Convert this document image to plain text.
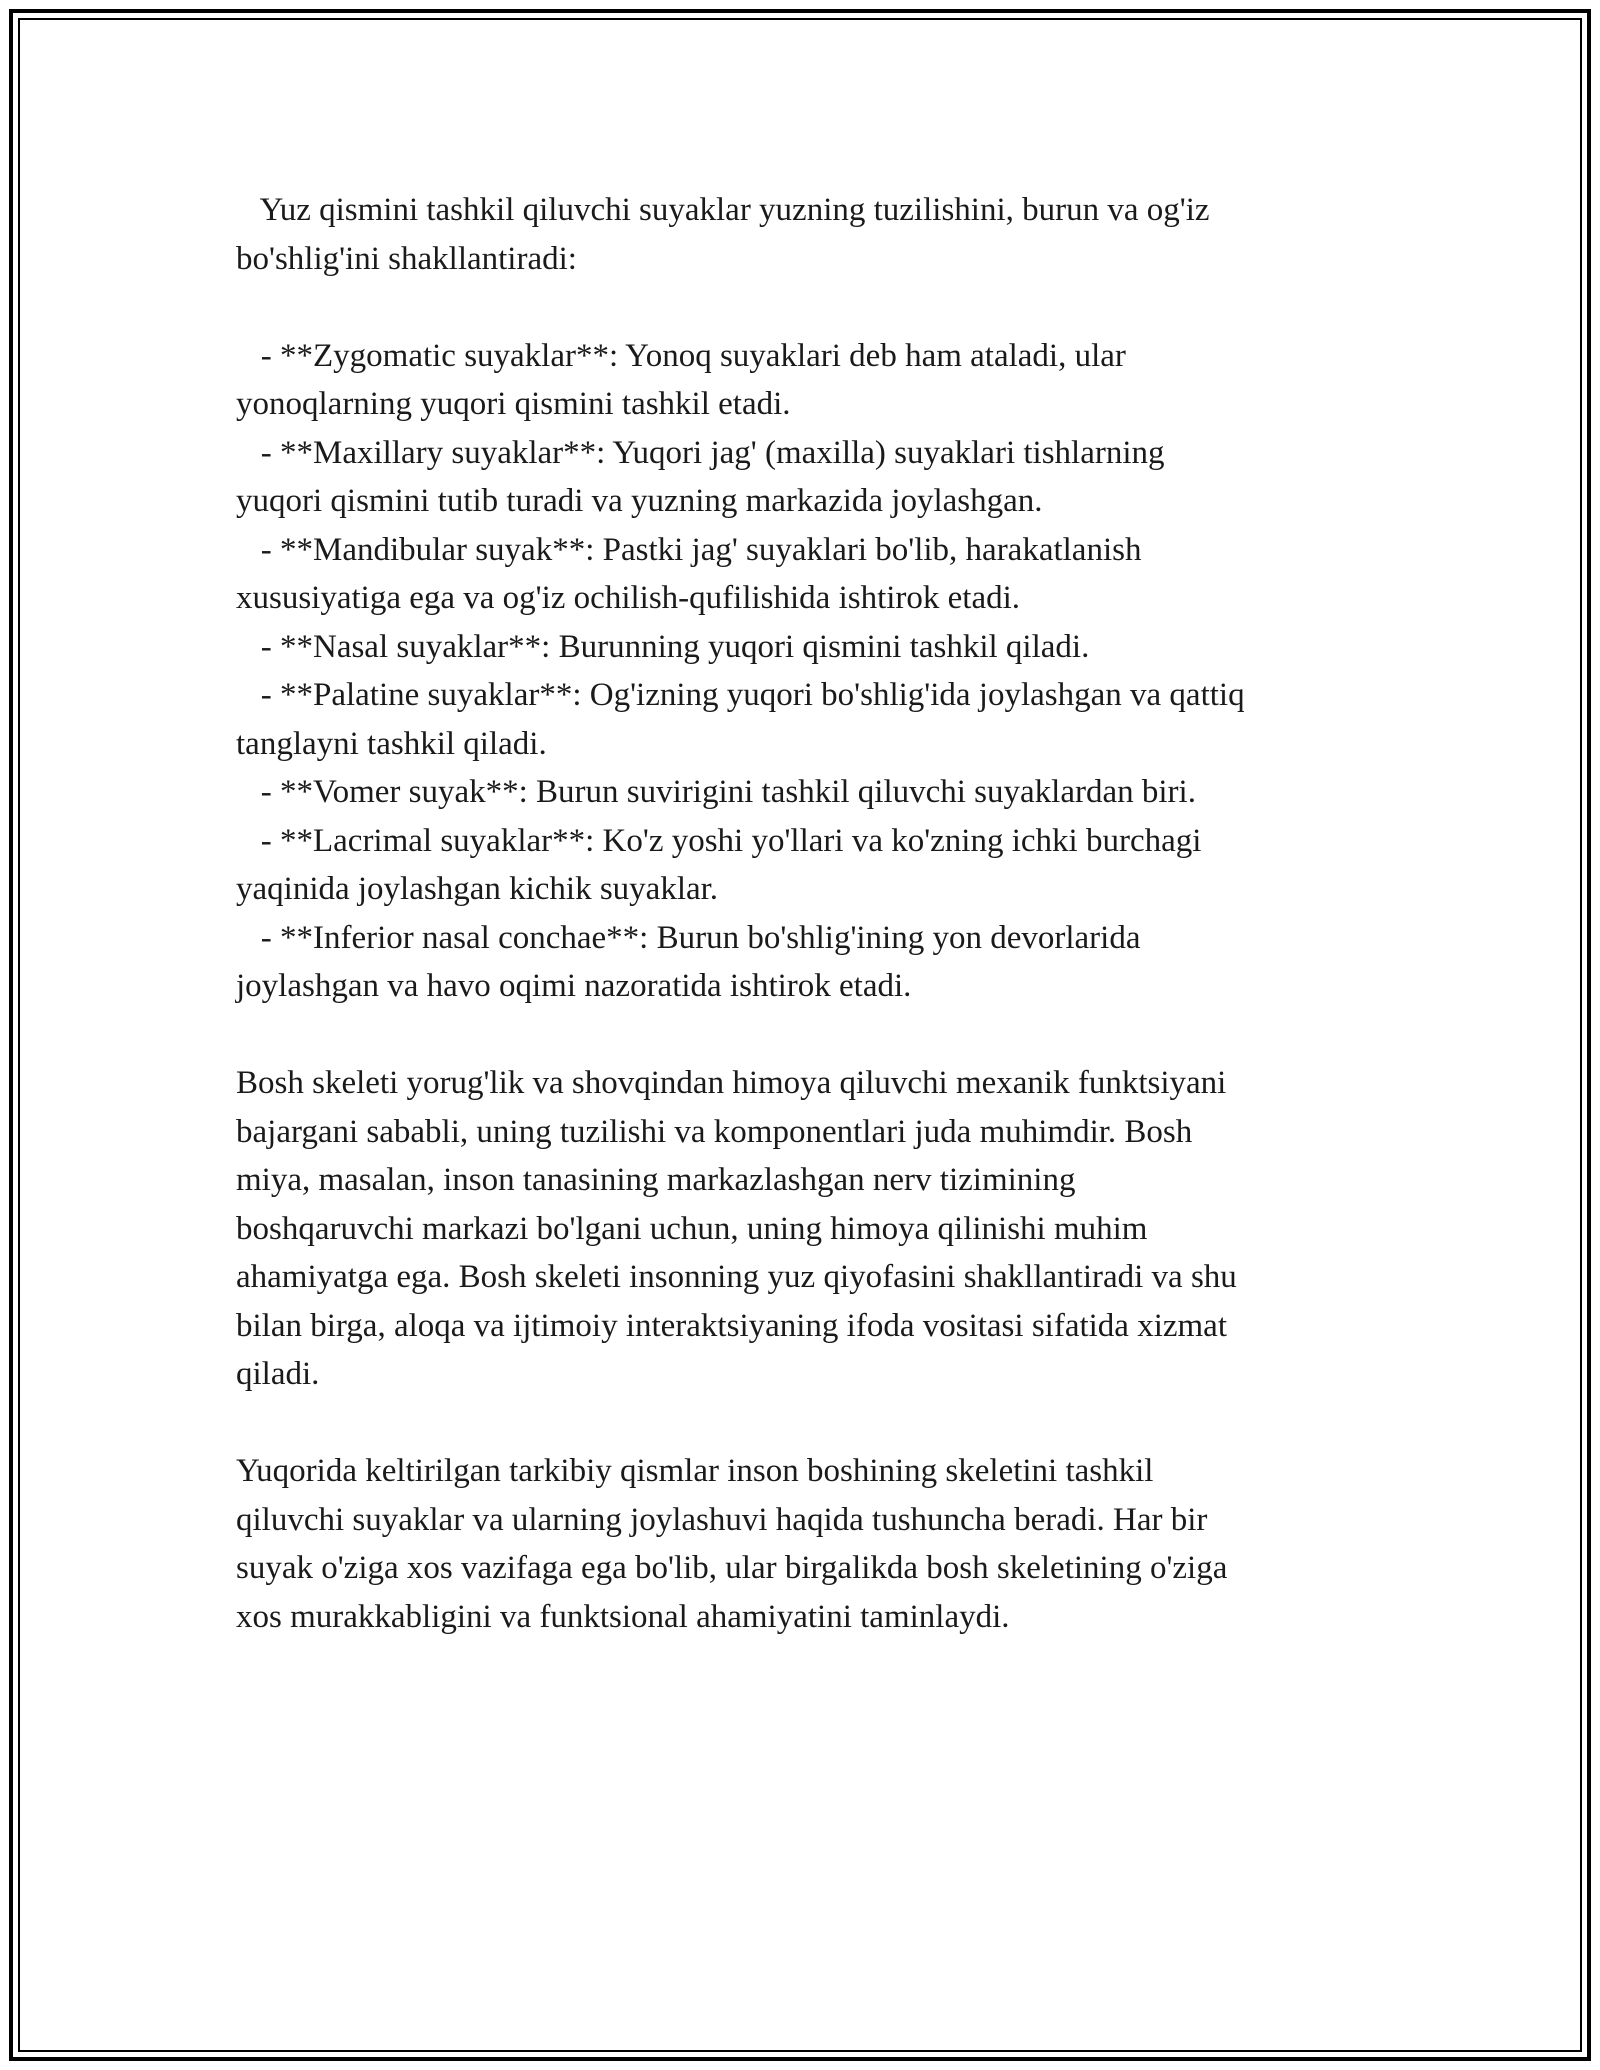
Yuz qismini tashkil qiluvchi suyaklar yuzning tuzilishini, burun va og'iz
bo'shlig'ini shakllantiradi:
- **Zygomatic suyaklar**: Yonoq suyaklari deb ham ataladi, ular
yonoqlarning yuqori qismini tashkil etadi.
- **Maxillary suyaklar**: Yuqori jag' (maxilla) suyaklari tishlarning
yuqori qismini tutib turadi va yuzning markazida joylashgan.
- **Mandibular suyak**: Pastki jag' suyaklari bo'lib, harakatlanish
xususiyatiga ega va og'iz ochilish-qufilishida ishtirok etadi.
- **Nasal suyaklar**: Burunning yuqori qismini tashkil qiladi.
- **Palatine suyaklar**: Og'izning yuqori bo'shlig'ida joylashgan va qattiq
tanglayni tashkil qiladi.
- **Vomer suyak**: Burun suvirigini tashkil qiluvchi suyaklardan biri.
- **Lacrimal suyaklar**: Ko'z yoshi yo'llari va ko'zning ichki burchagi
yaqinida joylashgan kichik suyaklar.
- **Inferior nasal conchae**: Burun bo'shlig'ining yon devorlarida
joylashgan va havo oqimi nazoratida ishtirok etadi.
Bosh skeleti yorug'lik va shovqindan himoya qiluvchi mexanik funktsiyani
bajargani sababli, uning tuzilishi va komponentlari juda muhimdir. Bosh
miya, masalan, inson tanasining markazlashgan nerv tizimining
boshqaruvchi markazi bo'lgani uchun, uning himoya qilinishi muhim
ahamiyatga ega. Bosh skeleti insonning yuz qiyofasini shakllantiradi va shu
bilan birga, aloqa va ijtimoiy interaktsiyaning ifoda vositasi sifatida xizmat
qiladi.
Yuqorida keltirilgan tarkibiy qismlar inson boshining skeletini tashkil
qiluvchi suyaklar va ularning joylashuvi haqida tushuncha beradi. Har bir
suyak o'ziga xos vazifaga ega bo'lib, ular birgalikda bosh skeletining o'ziga
xos murakkabligini va funktsional ahamiyatini taminlaydi.
